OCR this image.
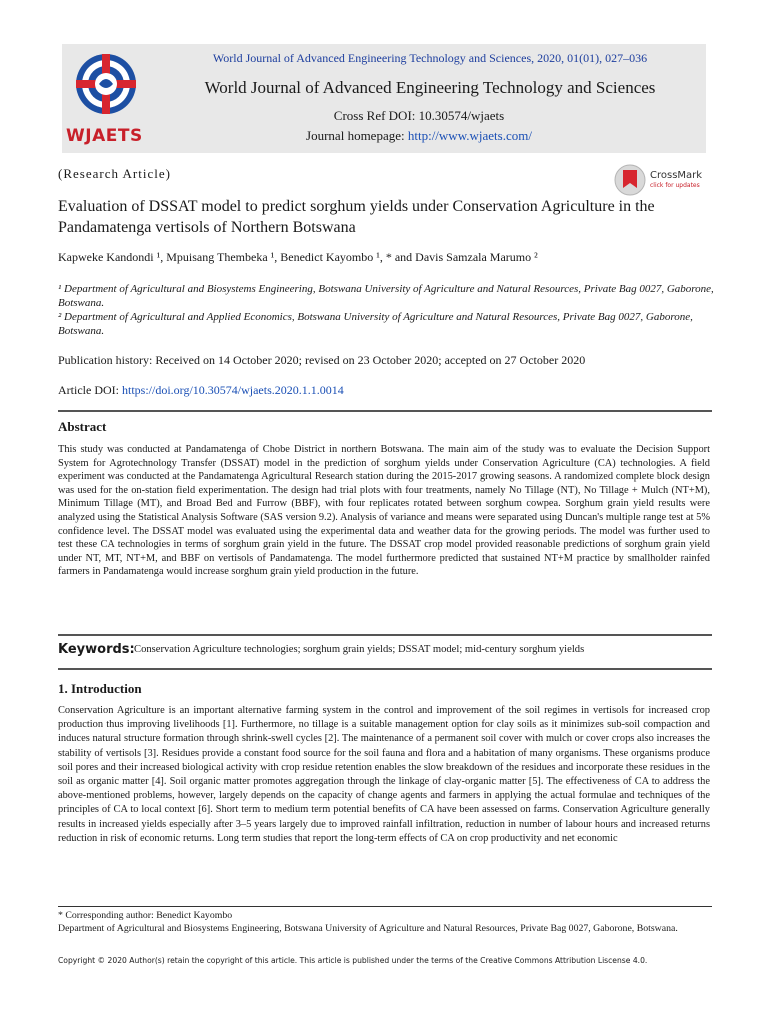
WJAETS
World Journal of Advanced Engineering Technology and Sciences, 2020, 01(01), 027–036
World Journal of Advanced Engineering Technology and Sciences
Cross Ref DOI: 10.30574/wjaets
Journal homepage: http://www.wjaets.com/
(Research Article)	CrossMark
click for updates
Evaluation of DSSAT model to predict sorghum yields under Conservation Agriculture in the Pandamatenga vertisols of Northern Botswana
Kapweke Kandondi ¹, Mpuisang Thembeka ¹, Benedict Kayombo ¹, * and Davis Samzala Marumo ²
¹ Department of Agricultural and Biosystems Engineering, Botswana University of Agriculture and Natural Resources, Private Bag 0027, Gaborone, Botswana.
² Department of Agricultural and Applied Economics, Botswana University of Agriculture and Natural Resources, Private Bag 0027, Gaborone, Botswana.
Publication history: Received on 14 October 2020; revised on 23 October 2020; accepted on 27 October 2020
Article DOI: https://doi.org/10.30574/wjaets.2020.1.1.0014
Abstract
This study was conducted at Pandamatenga of Chobe District in northern Botswana. The main aim of the study was to evaluate the Decision Support System for Agrotechnology Transfer (DSSAT) model in the prediction of sorghum yields under Conservation Agriculture (CA) technologies. A field experiment was conducted at the Pandamatenga Agricultural Research station during the 2015-2017 growing seasons. A randomized complete block design was used for the on-station field experimentation. The design had trial plots with four treatments, namely No Tillage (NT), No Tillage + Mulch (NT+M), Minimum Tillage (MT), and Broad Bed and Furrow (BBF), with four replicates rotated between sorghum cowpea. Sorghum grain yield results were analyzed using the Statistical Analysis Software (SAS version 9.2). Analysis of variance and means were separated using Duncan's multiple range test at 5% confidence level. The DSSAT model was evaluated using the experimental data and weather data for the growing periods. The model was further used to test these CA technologies in terms of sorghum grain yield in the future. The DSSAT crop model provided reasonable predictions of sorghum grain yield under NT, MT, NT+M, and BBF on vertisols of Pandamatenga. The model furthermore predicted that sustained NT+M practice by smallholder rainfed farmers in Pandamatenga would increase sorghum grain yield production in the future.
Keywords: Conservation Agriculture technologies; sorghum grain yields; DSSAT model; mid-century sorghum yields
1. Introduction
Conservation Agriculture is an important alternative farming system in the control and improvement of the soil regimes in vertisols for increased crop production thus improving livelihoods [1]. Furthermore, no tillage is a suitable management option for clay soils as it minimizes sub-soil compaction and induces natural structure formation through shrink-swell cycles [2]. The maintenance of a permanent soil cover with mulch or cover crops also increases the stability of vertisols [3]. Residues provide a constant food source for the soil fauna and flora and a habitation of many organisms. These organisms produce soil pores and their increased biological activity with crop residue retention enables the slow breakdown of the residues and incorporate these residues in the soil as organic matter [4]. Soil organic matter promotes aggregation through the linkage of clay-organic matter [5]. The effectiveness of CA to address the above-mentioned problems, however, largely depends on the capacity of change agents and farmers in applying the actual formulae and techniques of the principles of CA to local context [6]. Short term to medium term potential benefits of CA have been assessed on farms. Conservation Agriculture generally results in increased yields especially after 3–5 years largely due to improved rainfall infiltration, reduction in number of labour hours and increased returns reduction in risk of economic returns. Long term studies that report the long-term effects of CA on crop productivity and net economic
* Corresponding author: Benedict Kayombo
Department of Agricultural and Biosystems Engineering, Botswana University of Agriculture and Natural Resources, Private Bag 0027, Gaborone, Botswana.
Copyright © 2020 Author(s) retain the copyright of this article. This article is published under the terms of the Creative Commons Attribution Liscense 4.0.
